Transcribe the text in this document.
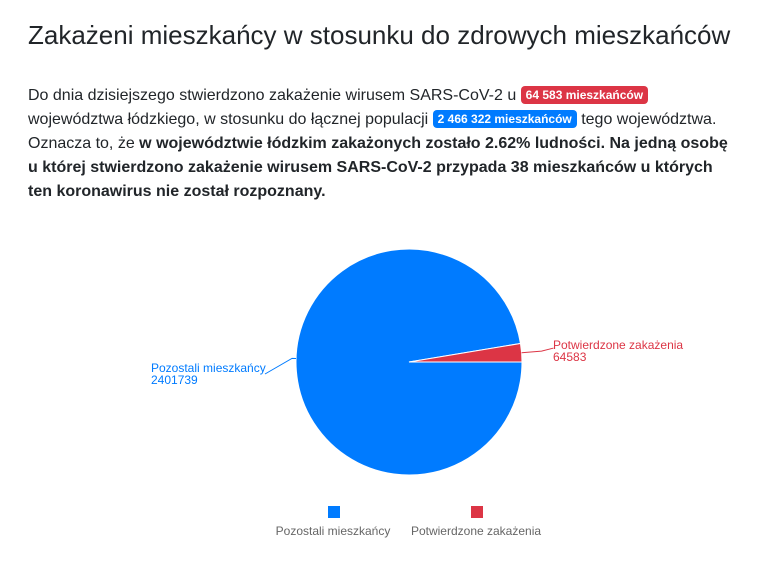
Zakażeni mieszkańcy w stosunku do zdrowych mieszkańców

Do dnia dzisiejszego stwierdzono zakażenie wirusem SARS-CoV-2 u 64 583 mieszkańców województwa łódzkiego, w stosunku do łącznej populacji 2 466 322 mieszkańców tego województwa. Oznacza to, że w województwie łódzkim zakażonych zostało 2.62% ludności. Na jedną osobę u której stwierdzono zakażenie wirusem SARS-CoV-2 przypada 38 mieszkańców u których ten koronawirus nie został rozpoznany.

Potwierdzone zakażenia
64583
Pozostali mieszkańcy
2401739
Pozostali mieszkańcy Potwierdzone zakażenia
